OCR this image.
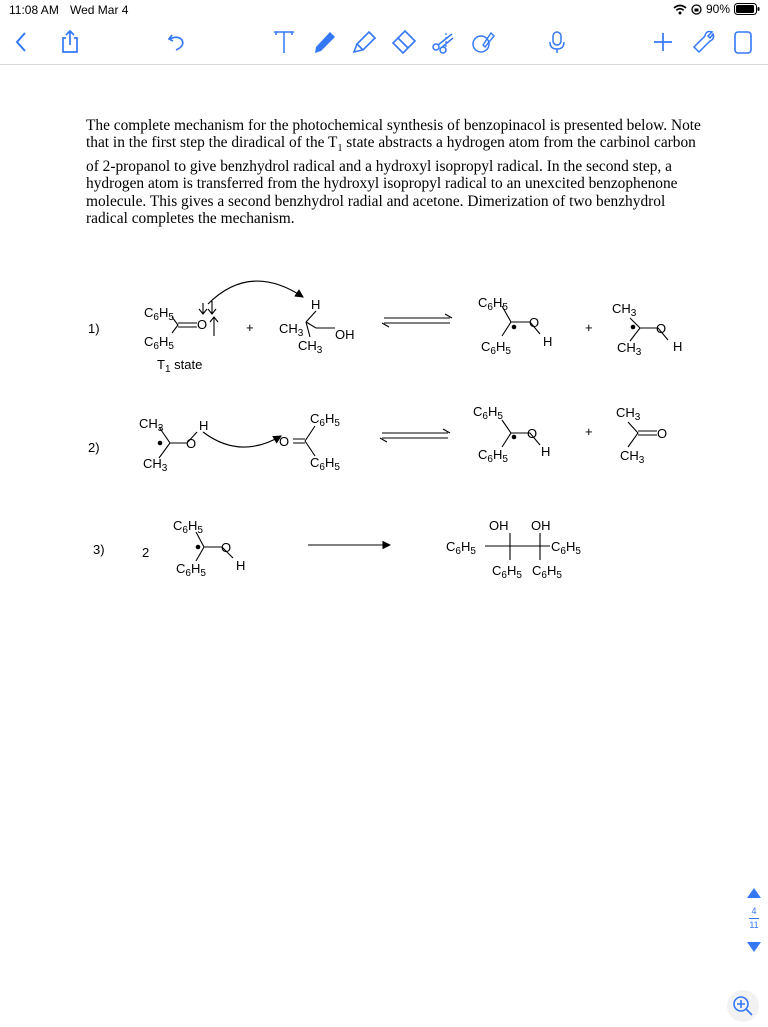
11:08 AM Wed Mar 4	90%

The complete mechanism for the photochemical synthesis of benzopinacol is presented below. Note that in the first step the diradical of the $T_1$ state abstracts a hydrogen atom from the carbinol carbon of 2-propanol to give benzhydrol radical and a hydroxyl isopropyl radical. In the second step, a hydrogen atom is transferred from the hydroxyl isopropyl radical to an unexcited benzophenone molecule. This gives a second benzhydrol radial and acetone. Dimerization of two benzhydrol radical completes the mechanism.

1)
2)
3)
$C_6H_5$
$C_6H_5$
O
$T_1$ state
+ $CH_3$
H
OH
$CH_3$
$C_6H_5$
$C_6H_5$
O
H
+
$CH_3$
$CH_3$
O
H
$CH_3$
$CH_3$
O
H
O
$C_6H_5$
$C_6H_5$
$C_6H_5$
$C_6H_5$
O
H
+
$CH_3$
$CH_3$
O
2
$C_6H_5$
$C_6H_5$
O
H
OH OH
$C_6H_5$	$C_6H_5$
$C_6H_5$ $C_6H_5$
4
11
